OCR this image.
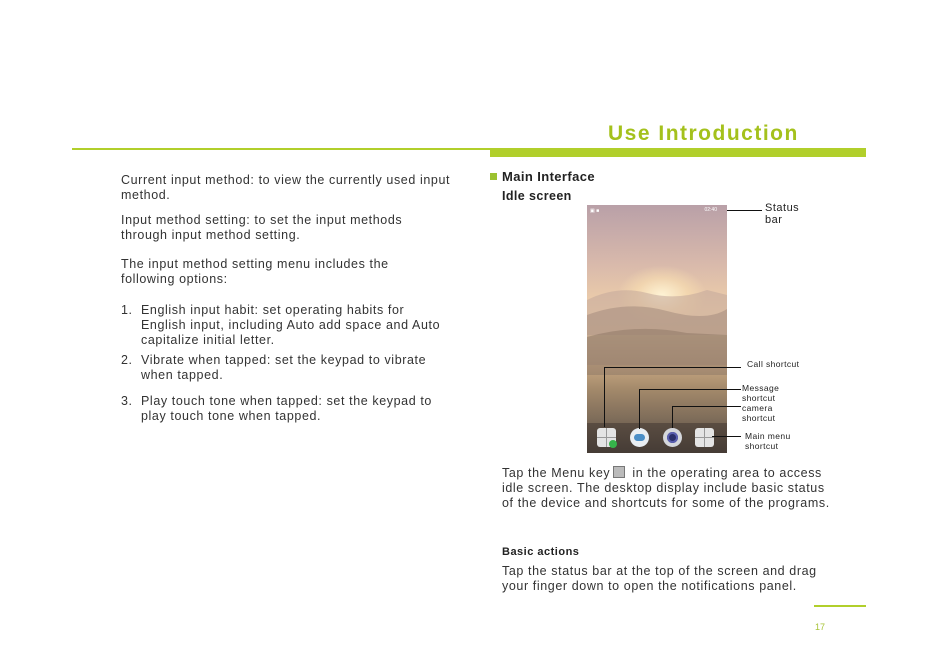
Use Introduction

Current input method: to view the currently used input method.

Input method setting: to set the input methods through input method setting.

The input method setting menu includes the following options:

1. English input habit: set operating habits for English input, including Auto add space and Auto capitalize initial letter.
2. Vibrate when tapped: set the keypad to vibrate when tapped.
3. Play touch tone when tapped: set the keypad to play touch tone when tapped.
Main Interface
Idle screen
▣ ■	02:40	Status bar
Call shortcut
Message shortcut
camera shortcut
Main menu shortcut

Tap the Menu key in the operating area to access idle screen. The desktop display include basic status of the device and shortcuts for some of the programs.

Basic actions

Tap the status bar at the top of the screen and drag your finger down to open the notifications panel.

17
